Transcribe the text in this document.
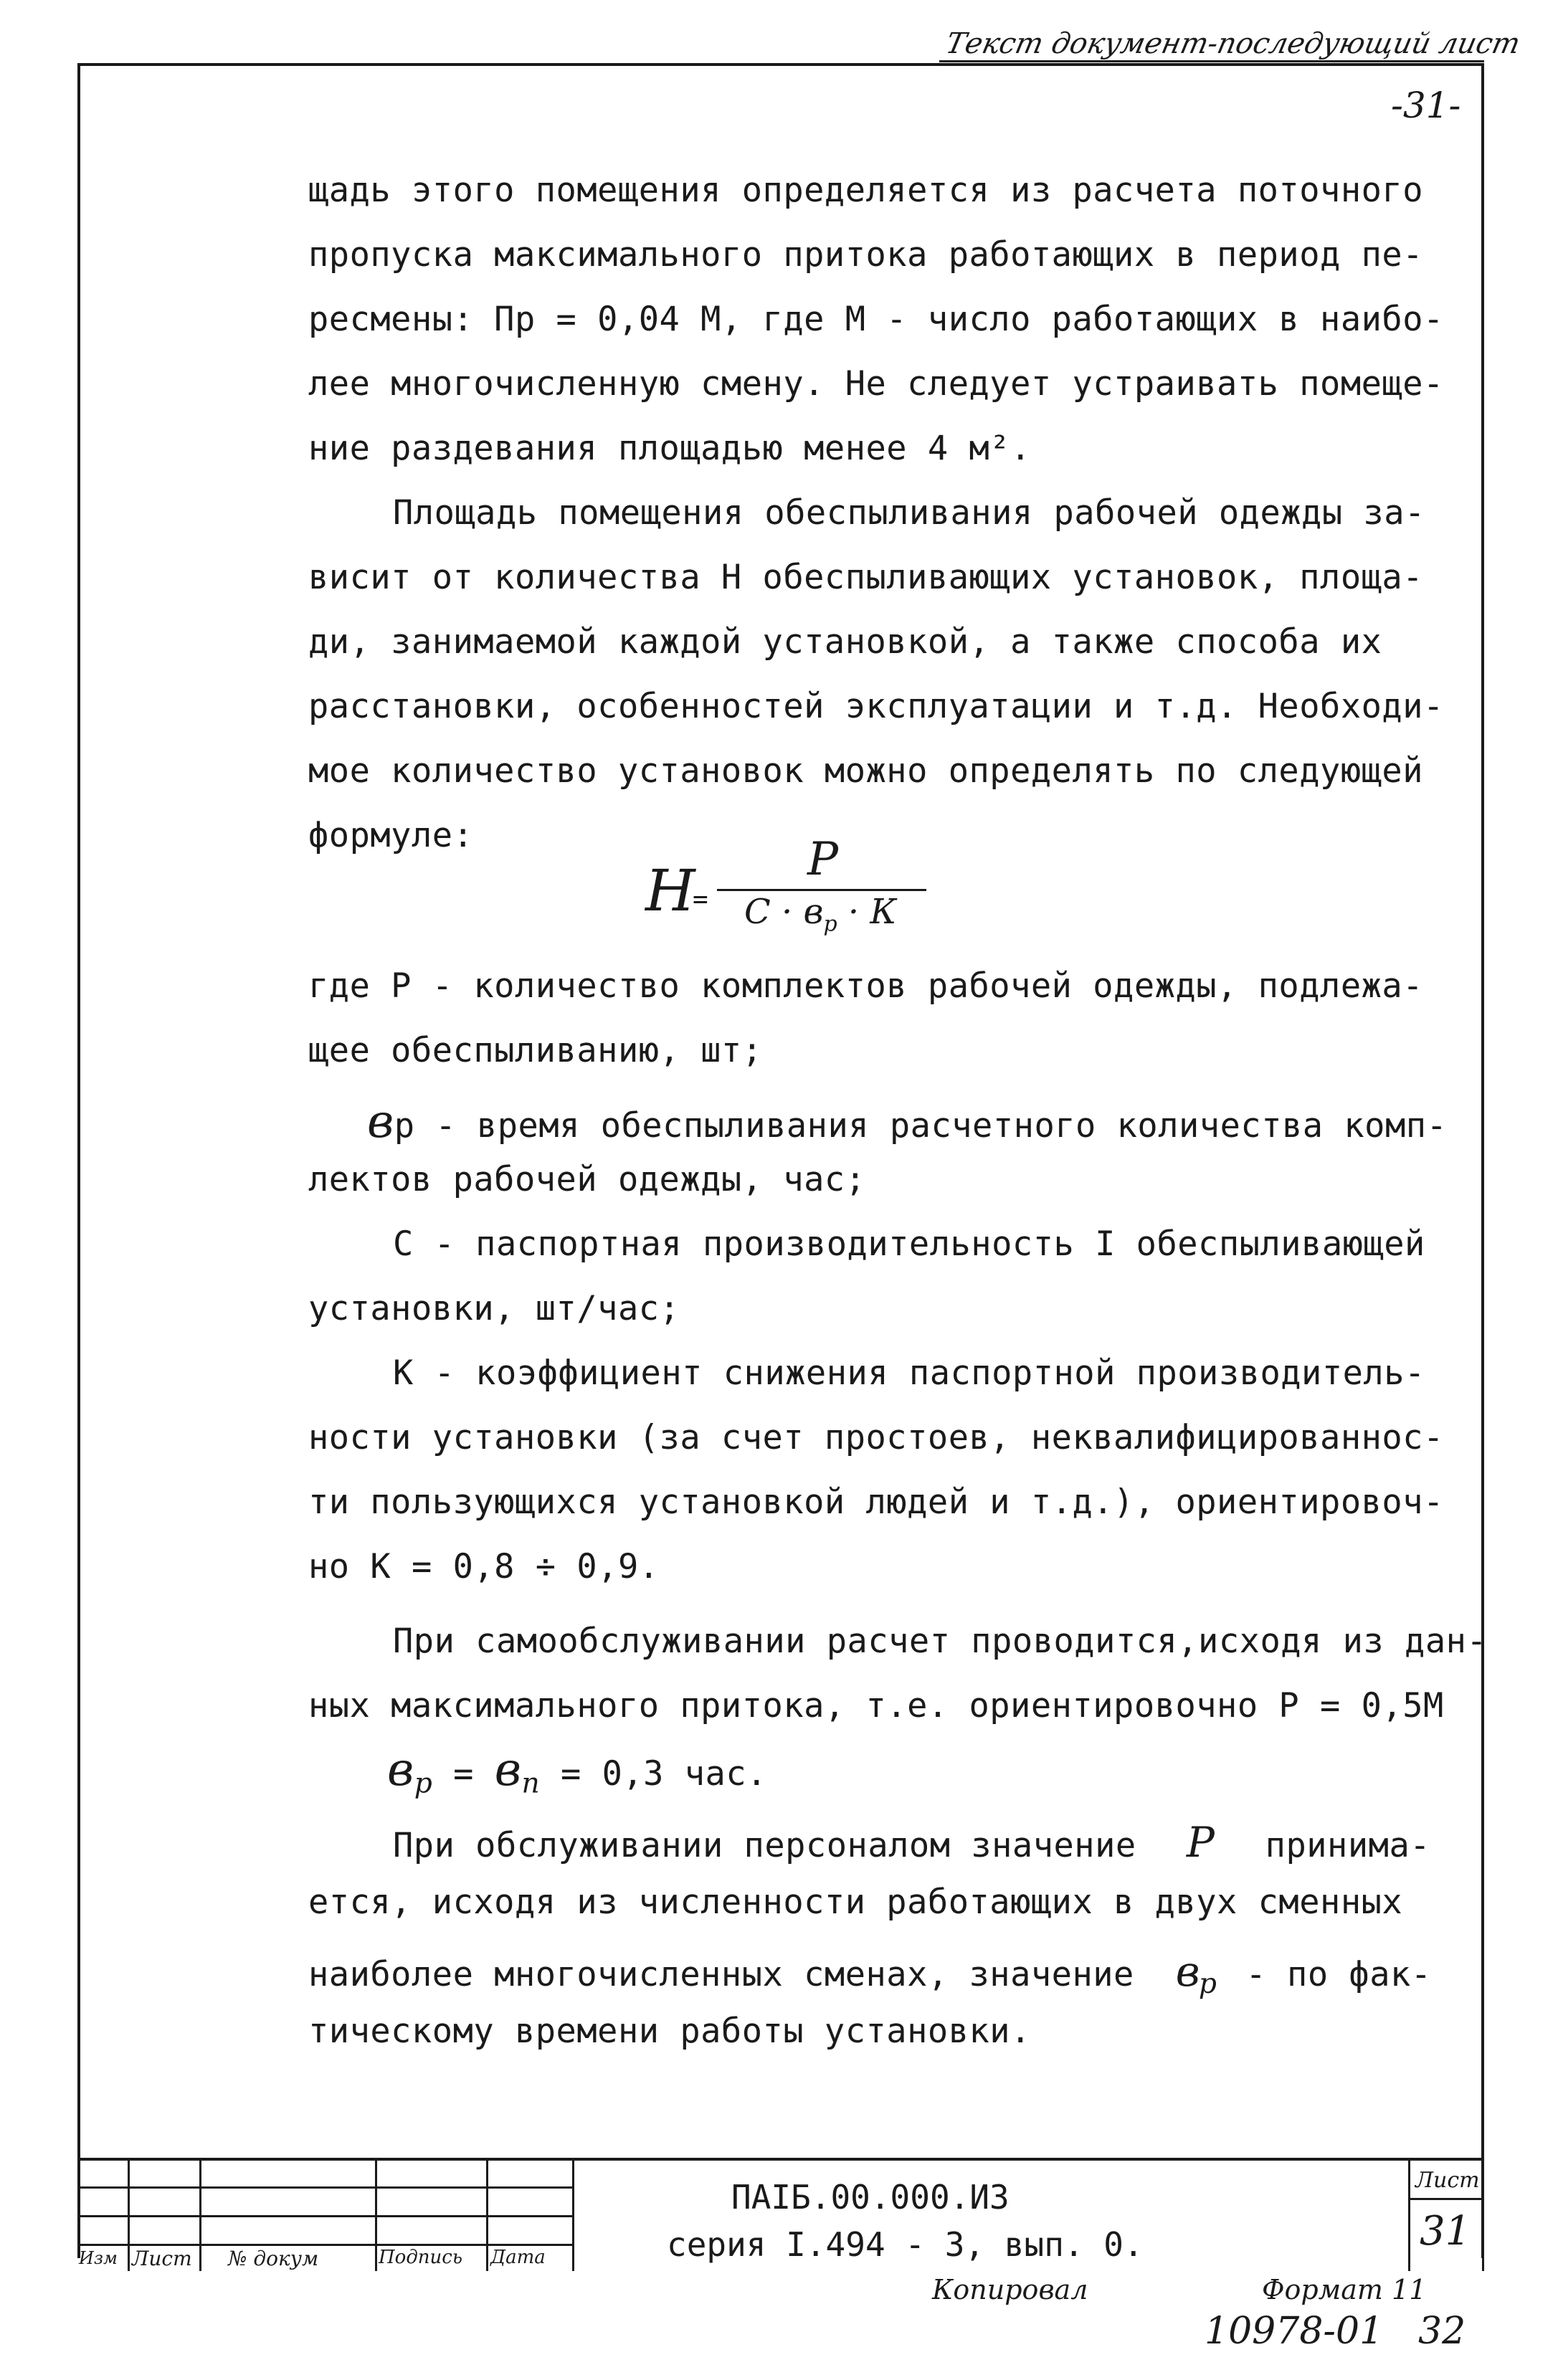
Текст документ-последующий лист
-31-
щадь этого помещения определяется из расчета поточного
пропуска максимального притока работающих в период пе-
ресмены: Пр = 0,04 М, где М - число работающих в наибо-
лее многочисленную смену. Не следует устраивать помеще-
ние раздевания площадью менее 4 м².
Площадь помещения обеспыливания рабочей одежды за-
висит от количества Н обеспыливающих установок, площа-
ди, занимаемой каждой установкой, а также способа их
расстановки, особенностей эксплуатации и т.д. Необходи-
мое количество установок можно определять по следующей
формуле:
Н
=
Р
$С \cdot в_р \cdot К$
где Р - количество комплектов рабочей одежды, подлежа-
щее обеспыливанию, шт;
вр - время обеспыливания расчетного количества комп-
лектов рабочей одежды, час;
С - паспортная производительность I обеспыливающей
установки, шт/час;
К - коэффициент снижения паспортной производитель-
ности установки (за счет простоев, неквалифицированнос-
ти пользующихся установкой людей и т.д.), ориентировоч-
но К = 0,8 ÷ 0,9.
При самообслуживании расчет проводится,исходя из дан-
ных максимального притока, т.е. ориентировочно Р = 0,5М
$в_р = в_п = 0,3$ час.
При обслуживании персоналом значение Р принима-
ется, исходя из численности работающих в двух сменных
наиболее многочисленных сменах, значение $в_р$ - по фак-
тическому времени работы установки.
Изм Лист № докум	Подпись Дата
ПАIБ.00.000.ИЗ
серия I.494 - 3, вып. 0.
Лист
31
Копировал	Формат 11
10978-01 32
